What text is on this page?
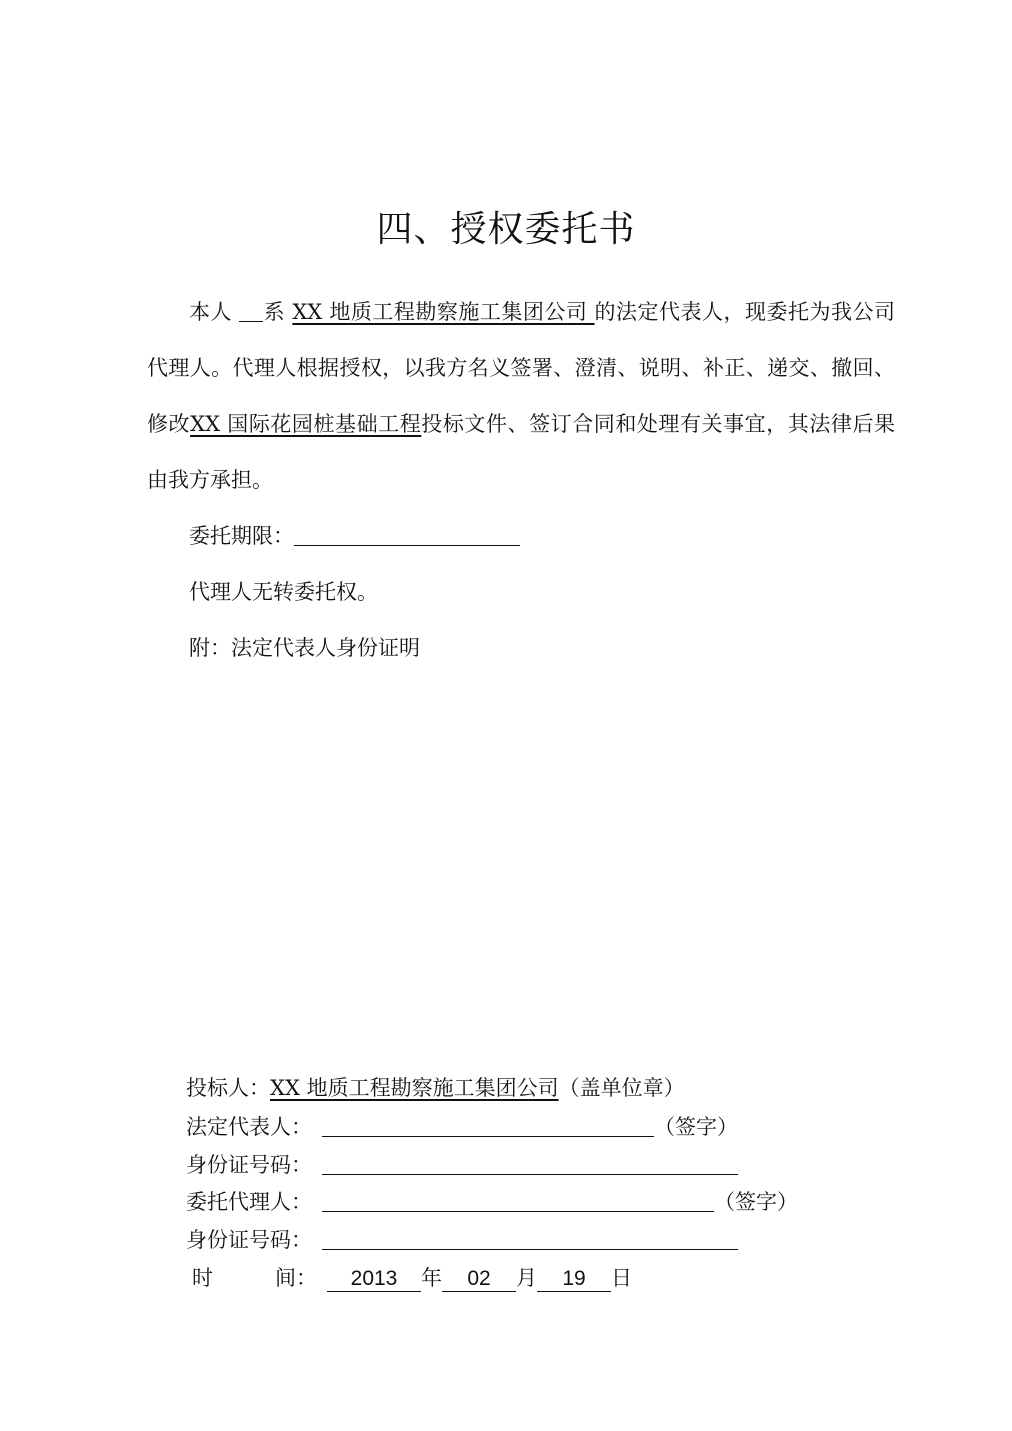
四、授权委托书

本人 系 XX 地质工程勘察施工集团公司 的法定代表人，现委托为我公司代理人。代理人根据授权，以我方名义签署、澄清、说明、补正、递交、撤回、修改XX 国际花园桩基础工程投标文件、签订合同和处理有关事宜，其法律后果由我方承担。

委托期限：

代理人无转委托权。

附：法定代表人身份证明

投标人：XX 地质工程勘察施工集团公司（盖单位章）
法定代表人：	（签字）
身份证号码：
委托代理人：	（签字）
身份证号码：
时	间： 2013 年 02 月 19 日
